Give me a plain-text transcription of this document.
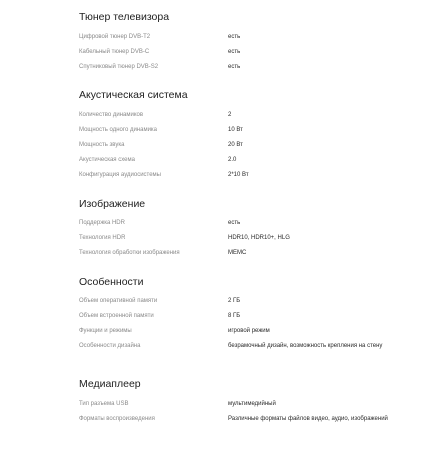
Тюнер телевизора
Цифровой тюнер DVB-T2	есть
Кабельный тюнер DVB-C	есть
Спутниковый тюнер DVB-S2	есть
Акустическая система
Количество динамиков	2
Мощность одного динамика	10 Вт
Мощность звука	20 Вт
Акустическая схема	2.0
Конфигурация аудиосистемы	2*10 Вт
Изображение
Поддержка HDR	есть
Технология HDR	HDR10, HDR10+, HLG
Технология обработки изображения	MEMC
Особенности
Объем оперативной памяти	2 ГБ
Объем встроенной памяти	8 ГБ
Функции и режимы	игровой режим
Особенности дизайна	безрамочный дизайн, возможность крепления на стену
Медиаплеер
Тип разъема USB	мультимедийный
Форматы воспроизведения	Различные форматы файлов видео, аудио, изображений
